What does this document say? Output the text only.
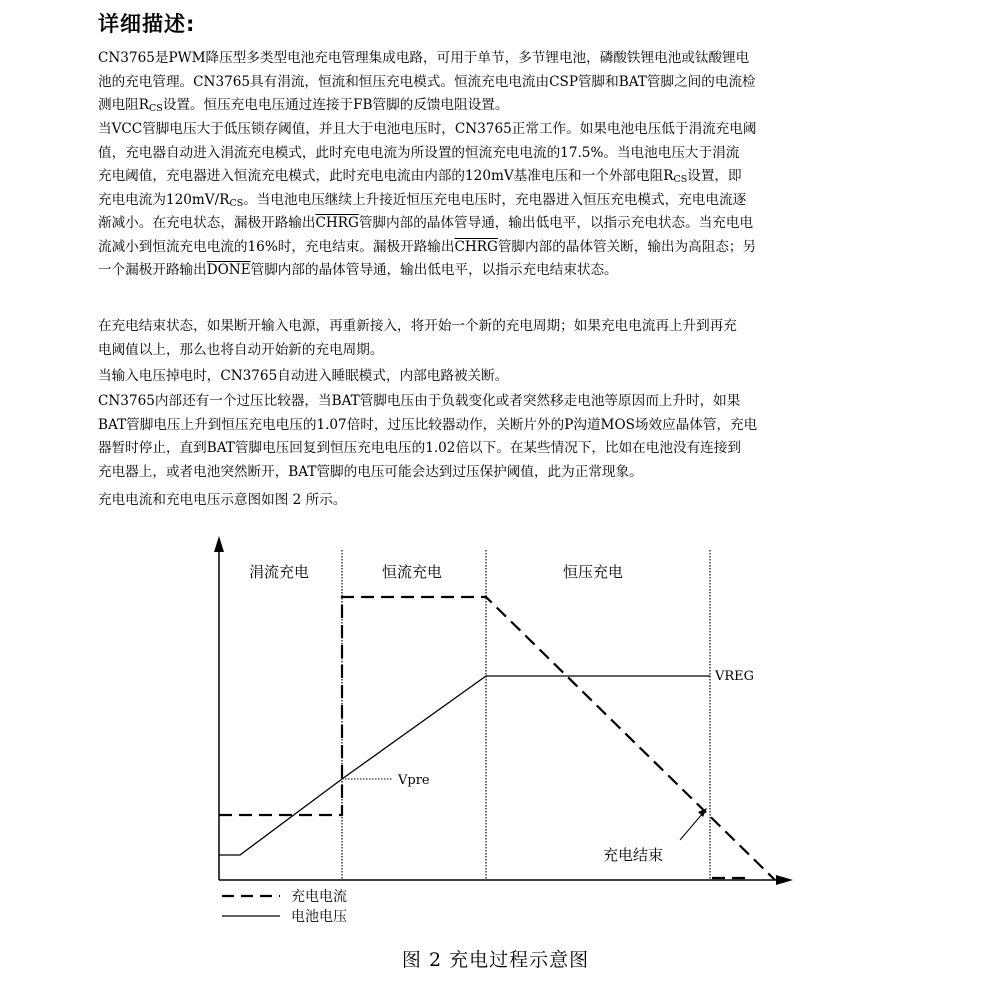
详细描述:
CN3765是PWM降压型多类型电池充电管理集成电路，可用于单节，多节锂电池，磷酸铁锂电池或钛酸锂电
池的充电管理。CN3765具有涓流，恒流和恒压充电模式。恒流充电电流由CSP管脚和BAT管脚之间的电流检
测电阻$R_{CS}$设置。恒压充电电压通过连接于FB管脚的反馈电阻设置。
当VCC管脚电压大于低压锁存阈值，并且大于电池电压时，CN3765正常工作。如果电池电压低于涓流充电阈
值，充电器自动进入涓流充电模式，此时充电电流为所设置的恒流充电电流的17.5%。当电池电压大于涓流
充电阈值，充电器进入恒流充电模式，此时充电电流由内部的120mV基准电压和一个外部电阻$R_{CS}$设置，即
充电电流为$120mV/R_{CS}$。当电池电压继续上升接近恒压充电电压时，充电器进入恒压充电模式，充电电流逐
渐减小。在充电状态，漏极开路输出CHRG管脚内部的晶体管导通，输出低电平，以指示充电状态。当充电电
流减小到恒流充电电流的16%时，充电结束。漏极开路输出CHRG管脚内部的晶体管关断，输出为高阻态；另
一个漏极开路输出DONE管脚内部的晶体管导通，输出低电平，以指示充电结束状态。
在充电结束状态，如果断开输入电源，再重新接入，将开始一个新的充电周期；如果充电电流再上升到再充
电阈值以上，那么也将自动开始新的充电周期。
当输入电压掉电时，CN3765自动进入睡眠模式，内部电路被关断。
CN3765内部还有一个过压比较器，当BAT管脚电压由于负载变化或者突然移走电池等原因而上升时，如果
BAT管脚电压上升到恒压充电电压的1.07倍时，过压比较器动作，关断片外的P沟道MOS场效应晶体管，充电
器暂时停止，直到BAT管脚电压回复到恒压充电电压的1.02倍以下。在某些情况下，比如在电池没有连接到
充电器上，或者电池突然断开，BAT管脚的电压可能会达到过压保护阈值，此为正常现象。
充电电流和充电电压示意图如图 2 所示。
涓流充电	恒流充电	恒压充电
Vpre
VREG
充电结束
充电电流
电池电压
图 2 充电过程示意图
